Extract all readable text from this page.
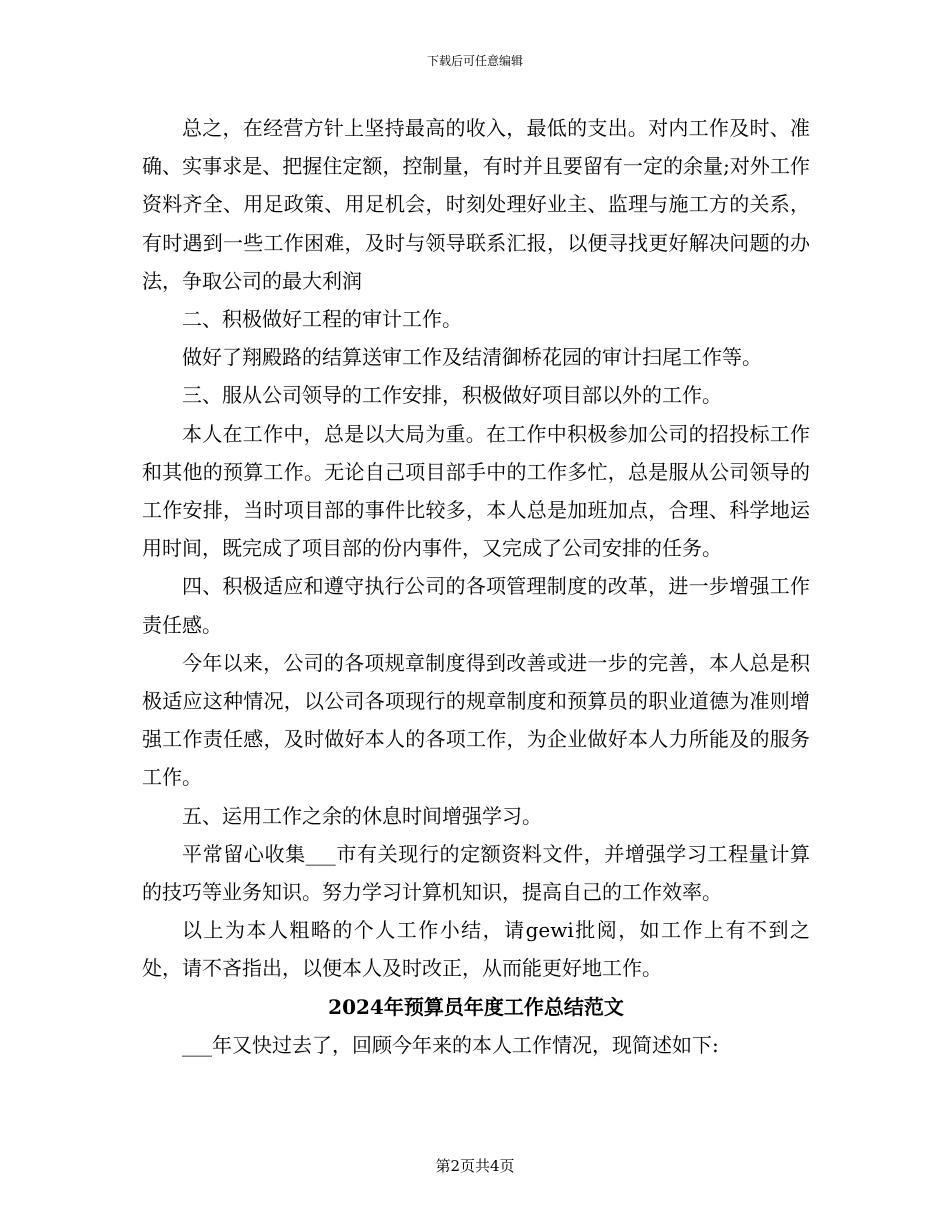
下载后可任意编辑

总之，在经营方针上坚持最高的收入，最低的支出。对内工作及时、准确、实事求是、把握住定额，控制量，有时并且要留有一定的余量;对外工作资料齐全、用足政策、用足机会，时刻处理好业主、监理与施工方的关系，有时遇到一些工作困难，及时与领导联系汇报，以便寻找更好解决问题的办法，争取公司的最大利润

二、积极做好工程的审计工作。

做好了翔殿路的结算送审工作及结清御桥花园的审计扫尾工作等。

三、服从公司领导的工作安排，积极做好项目部以外的工作。

本人在工作中，总是以大局为重。在工作中积极参加公司的招投标工作和其他的预算工作。无论自己项目部手中的工作多忙，总是服从公司领导的工作安排，当时项目部的事件比较多，本人总是加班加点，合理、科学地运用时间，既完成了项目部的份内事件，又完成了公司安排的任务。

四、积极适应和遵守执行公司的各项管理制度的改革，进一步增强工作责任感。

今年以来，公司的各项规章制度得到改善或进一步的完善，本人总是积极适应这种情况，以公司各项现行的规章制度和预算员的职业道德为准则增强工作责任感，及时做好本人的各项工作，为企业做好本人力所能及的服务工作。

五、运用工作之余的休息时间增强学习。

平常留心收集___市有关现行的定额资料文件，并增强学习工程量计算的技巧等业务知识。努力学习计算机知识，提高自己的工作效率。

以上为本人粗略的个人工作小结，请gewi批阅，如工作上有不到之处，请不吝指出，以便本人及时改正，从而能更好地工作。

2024年预算员年度工作总结范文

___年又快过去了，回顾今年来的本人工作情况，现简述如下:

第2页共4页
